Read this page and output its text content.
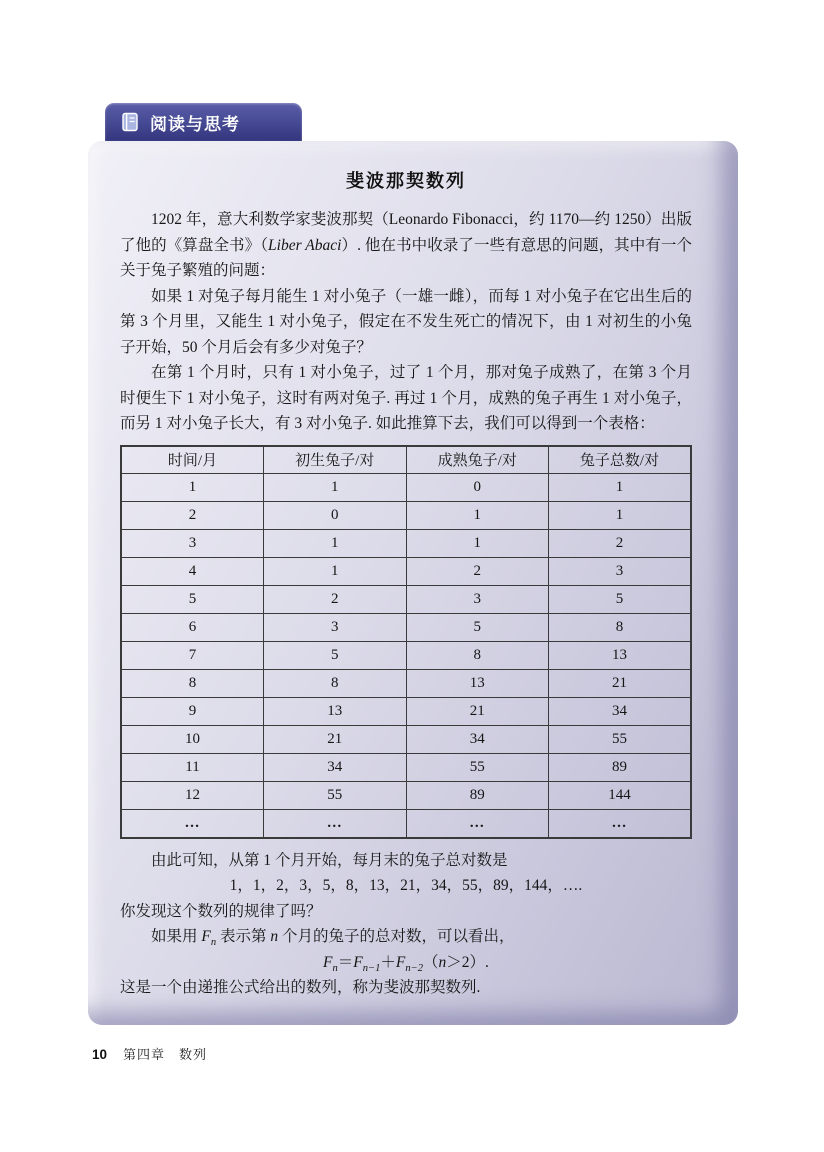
阅读与思考
斐波那契数列

1202 年，意大利数学家斐波那契（Leonardo Fibonacci，约 1170—约 1250）出版了他的《算盘全书》（Liber Abaci）. 他在书中收录了一些有意思的问题，其中有一个关于兔子繁殖的问题：

如果 1 对兔子每月能生 1 对小兔子（一雄一雌），而每 1 对小兔子在它出生后的第 3 个月里，又能生 1 对小兔子，假定在不发生死亡的情况下，由 1 对初生的小兔子开始，50 个月后会有多少对兔子？

在第 1 个月时，只有 1 对小兔子，过了 1 个月，那对兔子成熟了，在第 3 个月时便生下 1 对小兔子，这时有两对兔子. 再过 1 个月，成熟的兔子再生 1 对小兔子，而另 1 对小兔子长大，有 3 对小兔子. 如此推算下去，我们可以得到一个表格：

时间/月	初生兔子/对	成熟兔子/对	兔子总数/对
1	1	0	1
2	0	1	1
3	1	1	2
4	1	2	3
5	2	3	5
6	3	5	8
7	5	8	13
8	8	13	21
9	13	21	34
10	21	34	55
11	34	55	89
12	55	89	144
…	…	…	…

由此可知，从第 1 个月开始，每月末的兔子总对数是

1，1，2，3，5，8，13，21，34，55，89，144，….

你发现这个数列的规律了吗？

如果用 $F_n$ 表示第 n 个月的兔子的总对数，可以看出，

$F_n=F_{n-1}+F_{n-2}(n>2)$.

这是一个由递推公式给出的数列，称为斐波那契数列.

10 第四章　数列
